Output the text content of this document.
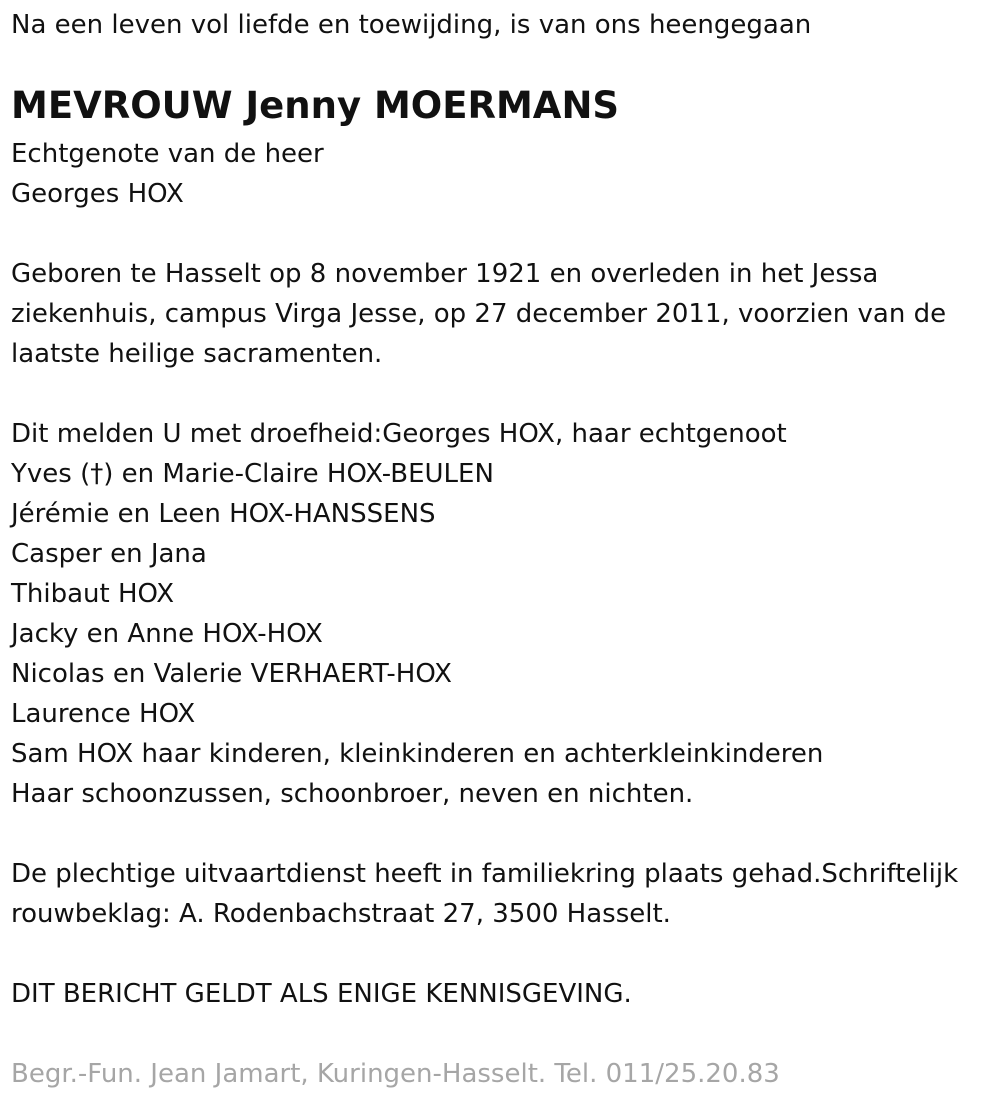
Na een leven vol liefde en toewijding, is van ons heengegaan
MEVROUW Jenny MOERMANS
Echtgenote van de heer
Georges HOX
Geboren te Hasselt op 8 november 1921 en overleden in het Jessa
ziekenhuis, campus Virga Jesse, op 27 december 2011, voorzien van de
laatste heilige sacramenten.
Dit melden U met droefheid:Georges HOX, haar echtgenoot
Yves (†) en Marie-Claire HOX-BEULEN
Jérémie en Leen HOX-HANSSENS
Casper en Jana
Thibaut HOX
Jacky en Anne HOX-HOX
Nicolas en Valerie VERHAERT-HOX
Laurence HOX
Sam HOX haar kinderen, kleinkinderen en achterkleinkinderen
Haar schoonzussen, schoonbroer, neven en nichten.
De plechtige uitvaartdienst heeft in familiekring plaats gehad.Schriftelijk
rouwbeklag: A. Rodenbachstraat 27, 3500 Hasselt.
DIT BERICHT GELDT ALS ENIGE KENNISGEVING.
Begr.-Fun. Jean Jamart, Kuringen-Hasselt. Tel. 011/25.20.83
